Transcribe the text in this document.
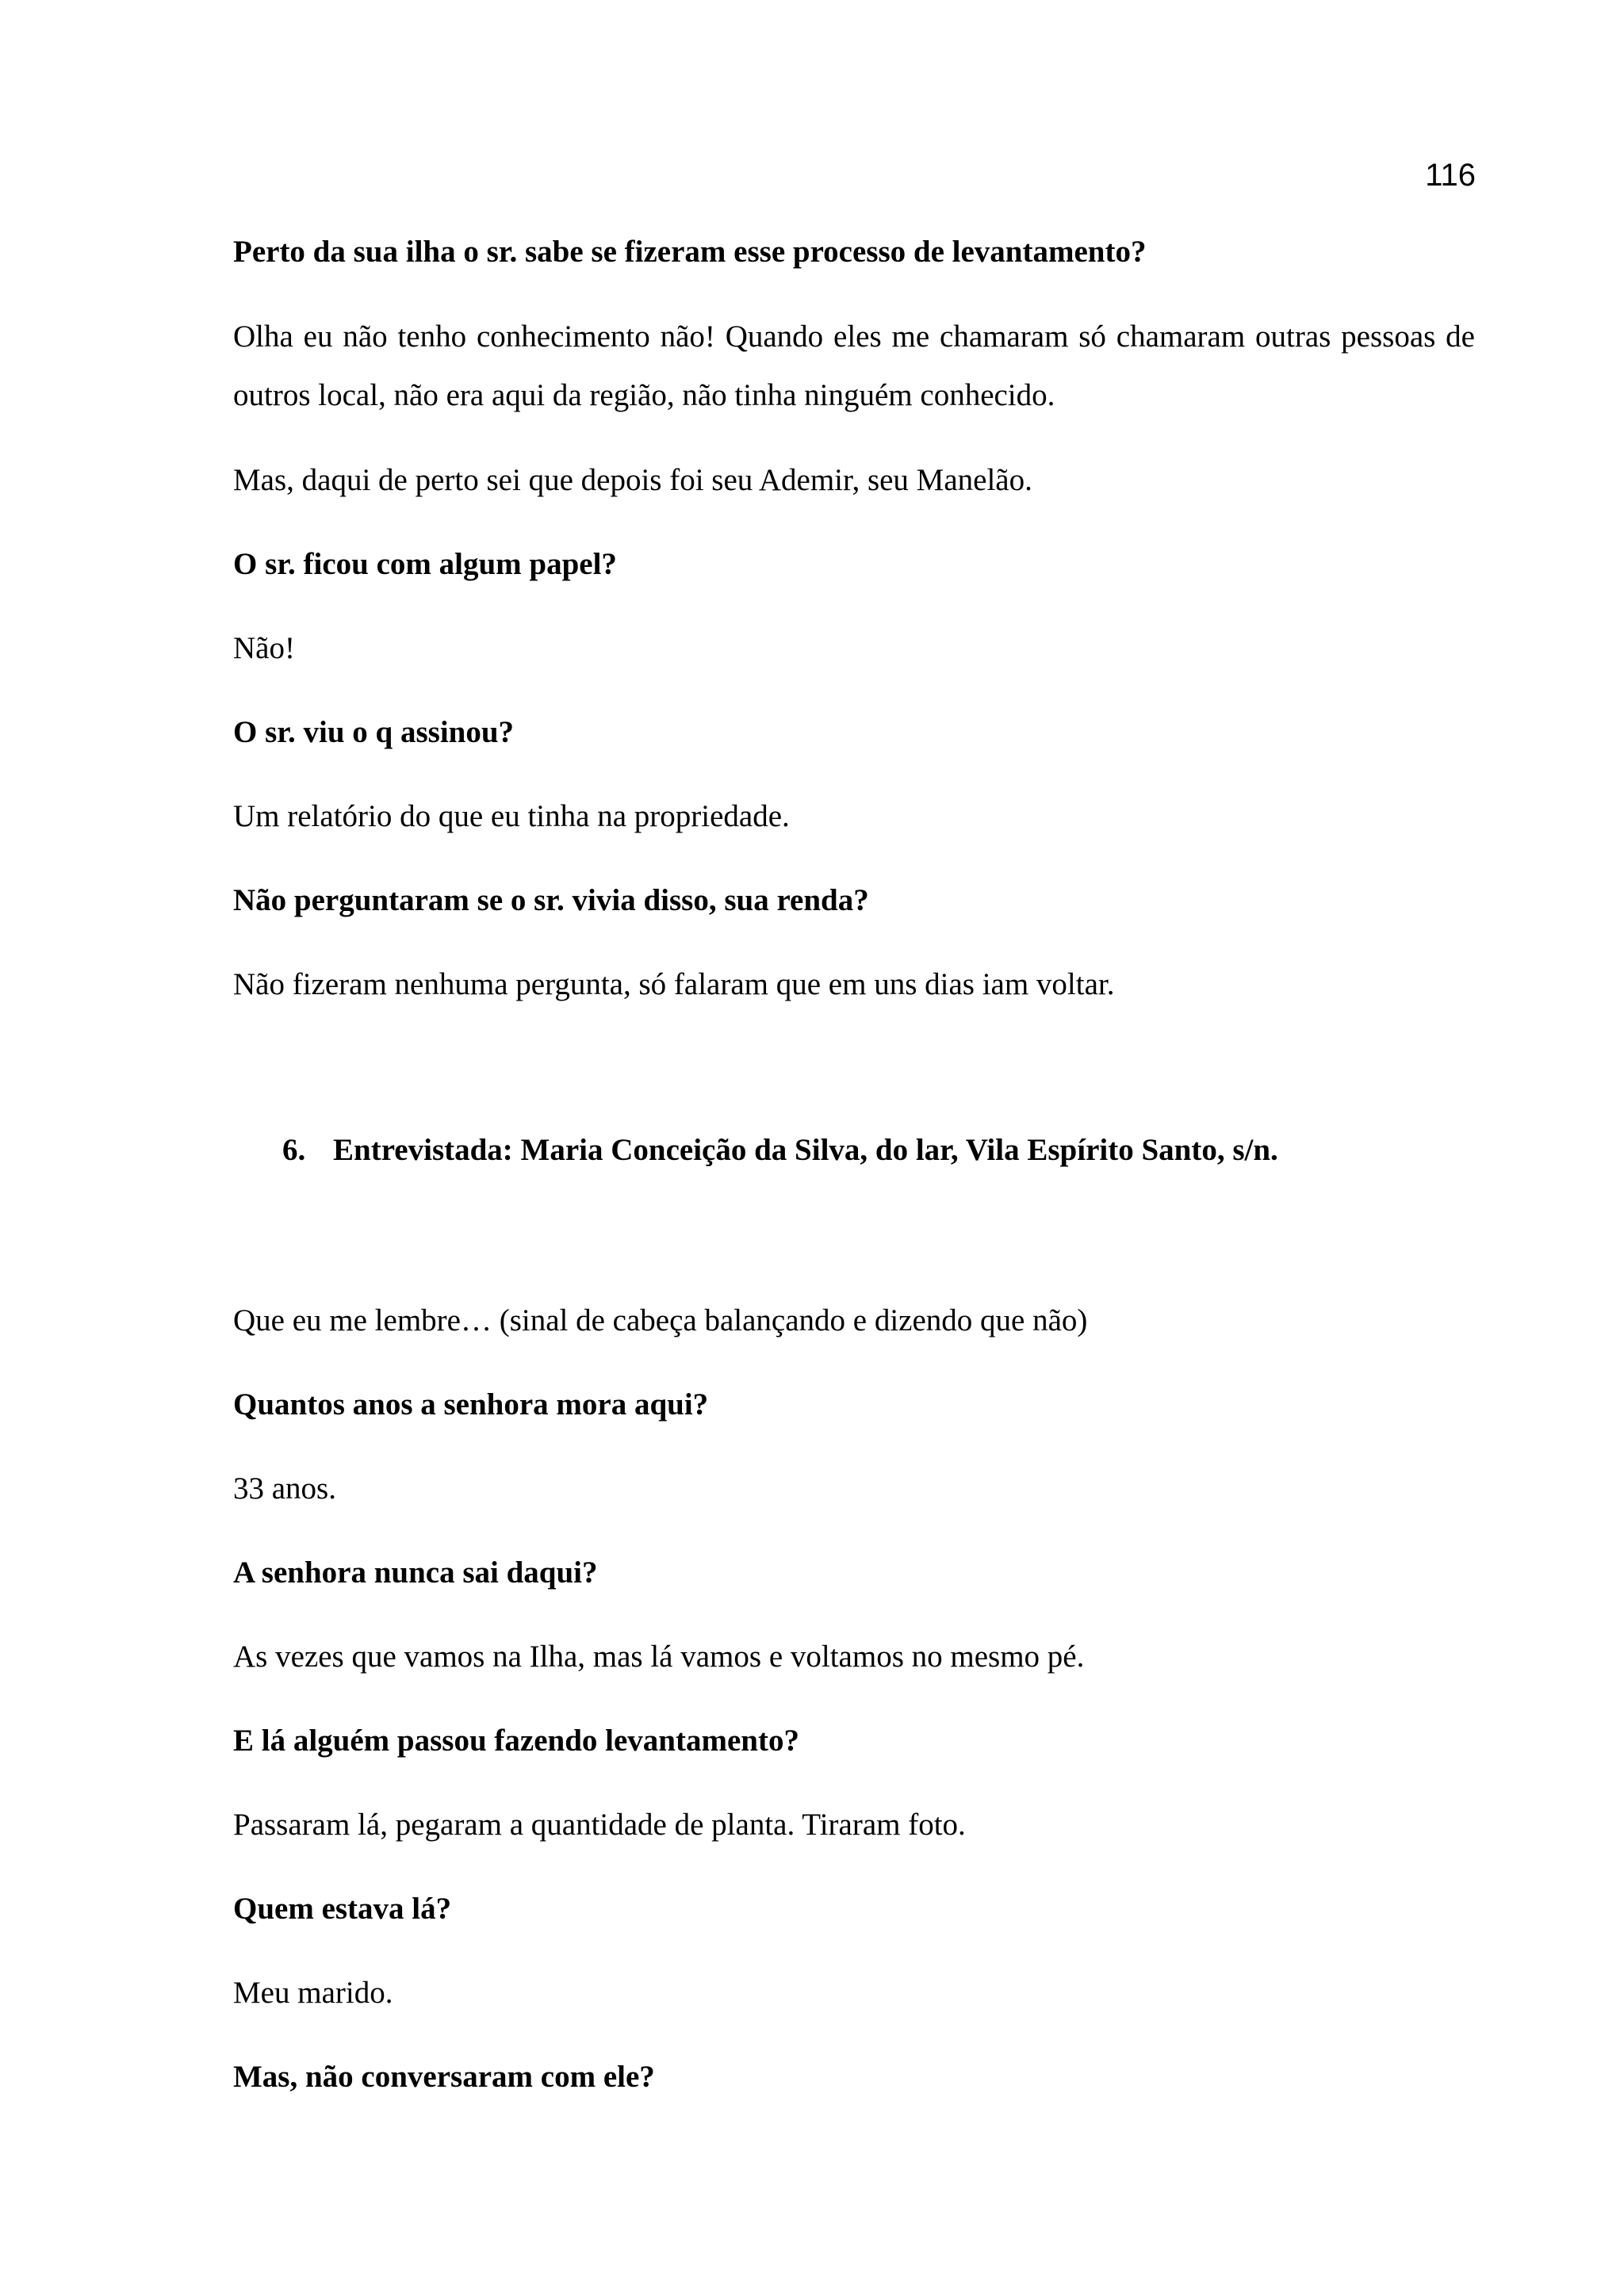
116

Perto da sua ilha o sr. sabe se fizeram esse processo de levantamento?

Olha eu não tenho conhecimento não! Quando eles me chamaram só chamaram outras pessoas de outros local, não era aqui da região, não tinha ninguém conhecido.

Mas, daqui de perto sei que depois foi seu Ademir, seu Manelão.

O sr. ficou com algum papel?

Não!

O sr. viu o q assinou?

Um relatório do que eu tinha na propriedade.

Não perguntaram se o sr. vivia disso, sua renda?

Não fizeram nenhuma pergunta, só falaram que em uns dias iam voltar.

6. Entrevistada: Maria Conceição da Silva, do lar, Vila Espírito Santo, s/n.

Que eu me lembre… (sinal de cabeça balançando e dizendo que não)

Quantos anos a senhora mora aqui?

33 anos.

A senhora nunca sai daqui?

As vezes que vamos na Ilha, mas lá vamos e voltamos no mesmo pé.

E lá alguém passou fazendo levantamento?

Passaram lá, pegaram a quantidade de planta. Tiraram foto.

Quem estava lá?

Meu marido.

Mas, não conversaram com ele?
